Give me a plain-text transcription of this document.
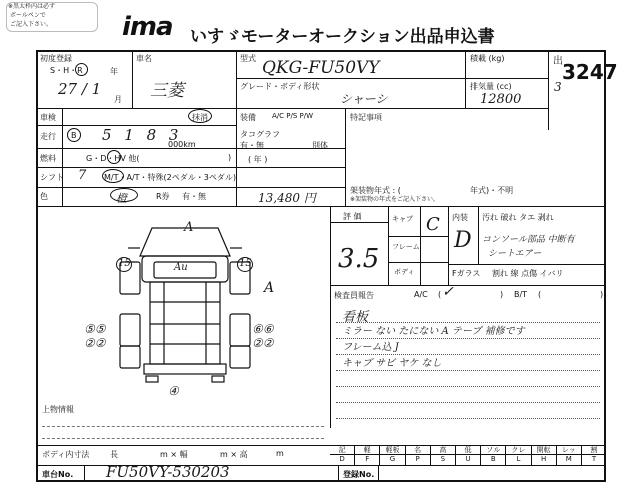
※黒太枠内は必ず
ボールペンで
ご記入下さい。	ima いすゞモーターオークション出品申込書
出 3247
初度登録
S・H・R	年
27 / 1
月
車名
三菱
型式 QKG-FU50VY
グレード・ボディ形状
シャーシ
積載 (kg)
排気量 (cc)
12800
3
車検	抹消
走行 B 5 1 8 3
000km
燃料	G・D・HV 他(	)
シフト 7 M/T・A/T・特殊(2ペダル・3ペダル)
色	橙
装備 A/C P/S P/W
タコグラフ
有・無	別体
( 年 )
R券 有・無	13,480 円
特記事項
架装物年式 : (	年式)・不明
※架装物の年式をご記入下さい。
評 価
3.5
キャブ C
フレーム
ボディ
内装
D
汚れ 破れ タエ 剥れ
コンソール部品 中断有
シートエアー
Fガラス 割れ 線 点傷 イバリ
検査員報告	A/C ✓	B/T	)
(	)	(
看板
ミラー ない たにない A テープ 補修です
フレーム込 J
キャブ サビ ヤケ なし
A
Au
A
15	15
⑤⑤ ②②
⑥⑥ ②②
④
上物情報
ボディ内寸法	長	m × 幅	m × 高	m	記	軽	軽板	名	高	低	ソル	クレ	開転	レッ	割
D	F	G	P	S	U	B	L	H	M	T
車台No. FU50VY-530203	登録No.
